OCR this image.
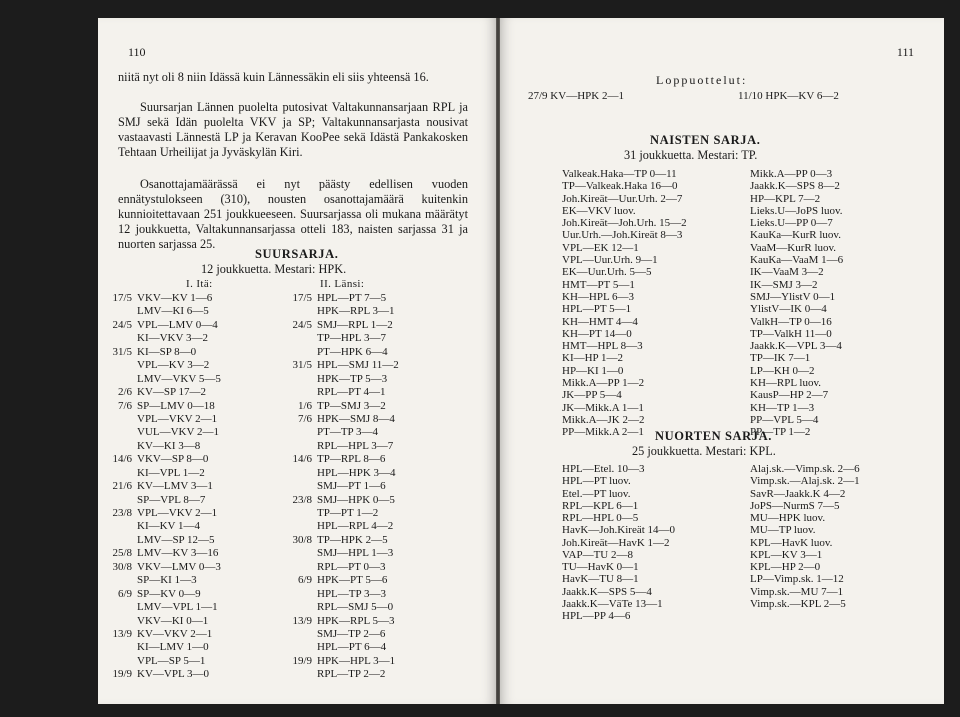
110
niitä nyt oli 8 niin Idässä kuin Lännessäkin eli siis yhteensä 16.
Suursarjan Lännen puolelta putosivat Valtakunnansarjaan RPL ja SMJ sekä Idän puolelta VKV ja SP; Valtakunnansarjasta nousivat vastaavasti Lännestä LP ja Keravan KooPee sekä Idästä Pankakosken Tehtaan Urheilijat ja Jyväskylän Kiri.
Osanottajamäärässä ei nyt päästy edellisen vuoden ennätystulokseen (310), nousten osanottajamäärä kuitenkin kunnioitettavaan 251 joukkueeseen. Suursarjassa oli mukana määrätyt 12 joukkuetta, Valtakunnansarjassa otteli 183, naisten sarjassa 31 ja nuorten sarjassa 25.
SUURSARJA.
12 joukkuetta. Mestari: HPK.
I. Itä:	II. Länsi:
17/5 VKV—KV 1—6
LMV—KI 6—5
24/5 VPL—LMV 0—4
KI—VKV 3—2
31/5 KI—SP 8—0
VPL—KV 3—2
LMV—VKV 5—5
2/6 KV—SP 17—2
7/6 SP—LMV 0—18
VPL—VKV 2—1
VUL—VKV 2—1
KV—KI 3—8
14/6 VKV—SP 8—0
KI—VPL 1—2
21/6 KV—LMV 3—1
SP—VPL 8—7
23/8 VPL—VKV 2—1
KI—KV 1—4
LMV—SP 12—5
25/8 LMV—KV 3—16
30/8 VKV—LMV 0—3
SP—KI 1—3
6/9 SP—KV 0—9
LMV—VPL 1—1
VKV—KI 0—1
13/9 KV—VKV 2—1
KI—LMV 1—0
VPL—SP 5—1
19/9 KV—VPL 3—0
17/5 HPL—PT 7—5
HPK—RPL 3—1
24/5 SMJ—RPL 1—2
TP—HPL 3—7
PT—HPK 6—4
31/5 HPL—SMJ 11—2
HPK—TP 5—3
RPL—PT 4—1
1/6 TP—SMJ 3—2
7/6 HPK—SMJ 8—4
PT—TP 3—4
RPL—HPL 3—7
14/6 TP—RPL 8—6
HPL—HPK 3—4
SMJ—PT 1—6
23/8 SMJ—HPK 0—5
TP—PT 1—2
HPL—RPL 4—2
30/8 TP—HPK 2—5
SMJ—HPL 1—3
RPL—PT 0—3
6/9 HPK—PT 5—6
HPL—TP 3—3
RPL—SMJ 5—0
13/9 HPK—RPL 5—3
SMJ—TP 2—6
HPL—PT 6—4
19/9 HPK—HPL 3—1
RPL—TP 2—2
111
Loppuottelut:
27/9 KV—HPK 2—1	11/10 HPK—KV 6—2
NAISTEN SARJA.
31 joukkuetta. Mestari: TP.
Valkeak.Haka—TP 0—11
TP—Valkeak.Haka 16—0
Joh.Kireät—Uur.Urh. 2—7
EK—VKV luov.
Joh.Kireät—Joh.Urh. 15—2
Uur.Urh.—Joh.Kireät 8—3
VPL—EK 12—1
VPL—Uur.Urh. 9—1
EK—Uur.Urh. 5—5
HMT—PT 5—1
KH—HPL 6—3
HPL—PT 5—1
KH—HMT 4—4
KH—PT 14—0
HMT—HPL 8—3
KI—HP 1—2
HP—KI 1—0
Mikk.A—PP 1—2
JK—PP 5—4
JK—Mikk.A 1—1
Mikk.A—JK 2—2
PP—Mikk.A 2—1
Mikk.A—PP 0—3
Jaakk.K—SPS 8—2
HP—KPL 7—2
Lieks.U—JoPS luov.
Lieks.U—PP 0—7
KauKa—KurR luov.
VaaM—KurR luov.
KauKa—VaaM 1—6
IK—VaaM 3—2
IK—SMJ 3—2
SMJ—YlistV 0—1
YlistV—IK 0—4
ValkH—TP 0—16
TP—ValkH 11—0
Jaakk.K—VPL 3—4
TP—IK 7—1
LP—KH 0—2
KH—RPL luov.
KausP—HP 2—7
KH—TP 1—3
PP—VPL 5—4
PP—TP 1—2
NUORTEN SARJA.
25 joukkuetta. Mestari: KPL.
HPL—Etel. 10—3
HPL—PT luov.
Etel.—PT luov.
RPL—KPL 6—1
RPL—HPL 0—5
HavK—Joh.Kireät 14—0
Joh.Kireät—HavK 1—2
VAP—TU 2—8
TU—HavK 0—1
HavK—TU 8—1
Jaakk.K—SPS 5—4
Jaakk.K—VäTe 13—1
HPL—PP 4—6
Alaj.sk.—Vimp.sk. 2—6
Vimp.sk.—Alaj.sk. 2—1
SavR—Jaakk.K 4—2
JoPS—NurmS 7—5
MU—HPK luov.
MU—TP luov.
KPL—HavK luov.
KPL—KV 3—1
KPL—HP 2—0
LP—Vimp.sk. 1—12
Vimp.sk.—MU 7—1
Vimp.sk.—KPL 2—5
